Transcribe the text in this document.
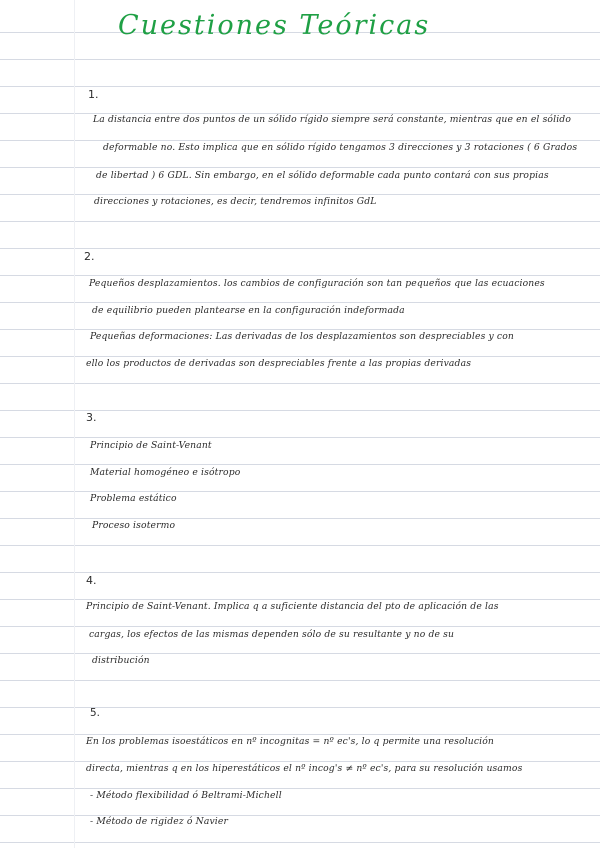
Cuestiones Teóricas
1.
La distancia entre dos puntos de un sólido rígido siempre será constante, mientras que en el sólido
deformable no. Esto implica que en sólido rígido tengamos 3 direcciones y 3 rotaciones ( 6 Grados
de libertad ) 6 GDL. Sin embargo, en el sólido deformable cada punto contará con sus propias
direcciones y rotaciones, es decir, tendremos infinitos GdL
2.
Pequeños desplazamientos. los cambios de configuración son tan pequeños que las ecuaciones
de equilibrio pueden plantearse en la configuración indeformada
Pequeñas deformaciones: Las derivadas de los desplazamientos son despreciables y con
ello los productos de derivadas son despreciables frente a las propias derivadas
3.
Principio de Saint-Venant
Material homogéneo e isótropo
Problema estático
Proceso isotermo
4.
Principio de Saint-Venant. Implica q a suficiente distancia del pto de aplicación de las
cargas, los efectos de las mismas dependen sólo de su resultante y no de su
distribución
5.
En los problemas isoestáticos en nº incognitas = nº ec's, lo q permite una resolución
directa, mientras q en los hiperestáticos el nº incog's ≠ nº ec's, para su resolución usamos
- Método flexibilidad ó Beltrami-Michell
- Método de rigidez ó Navier
